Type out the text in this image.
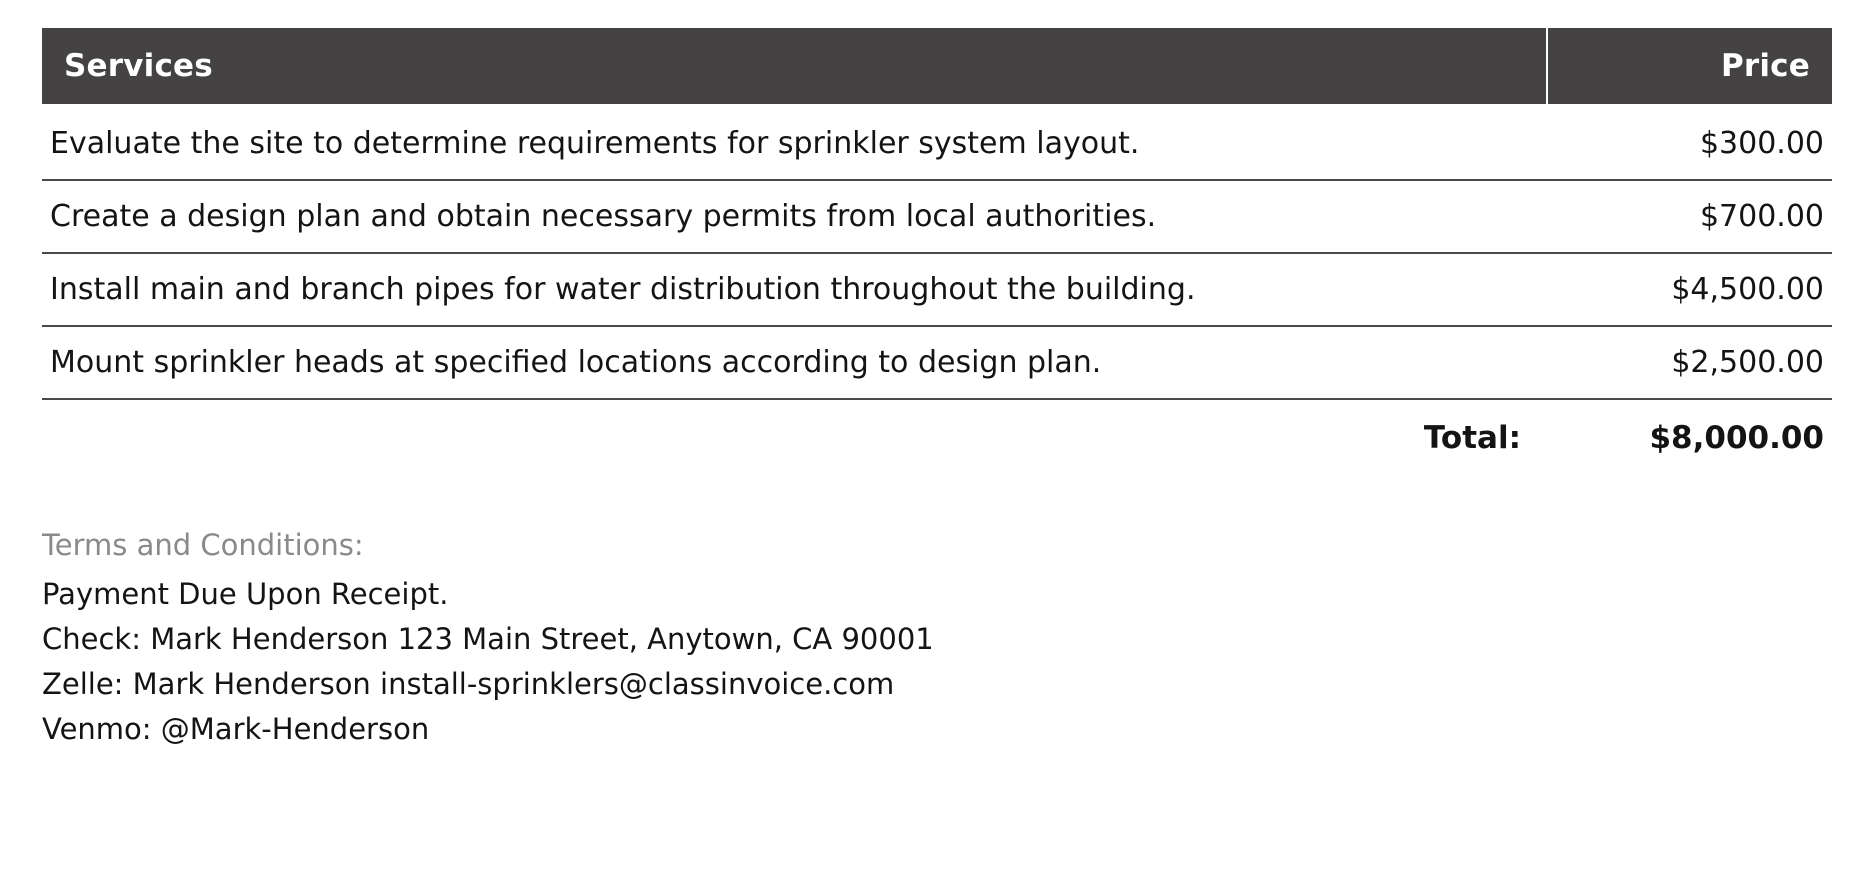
Services	Price
Evaluate the site to determine requirements for sprinkler system layout.	$300.00
Create a design plan and obtain necessary permits from local authorities.	$700.00
Install main and branch pipes for water distribution throughout the building.	$4,500.00
Mount sprinkler heads at specified locations according to design plan.	$2,500.00
Total:	$8,000.00
Terms and Conditions:
Payment Due Upon Receipt.
Check: Mark Henderson 123 Main Street, Anytown, CA 90001
Zelle: Mark Henderson install-sprinklers@classinvoice.com
Venmo: @Mark-Henderson
